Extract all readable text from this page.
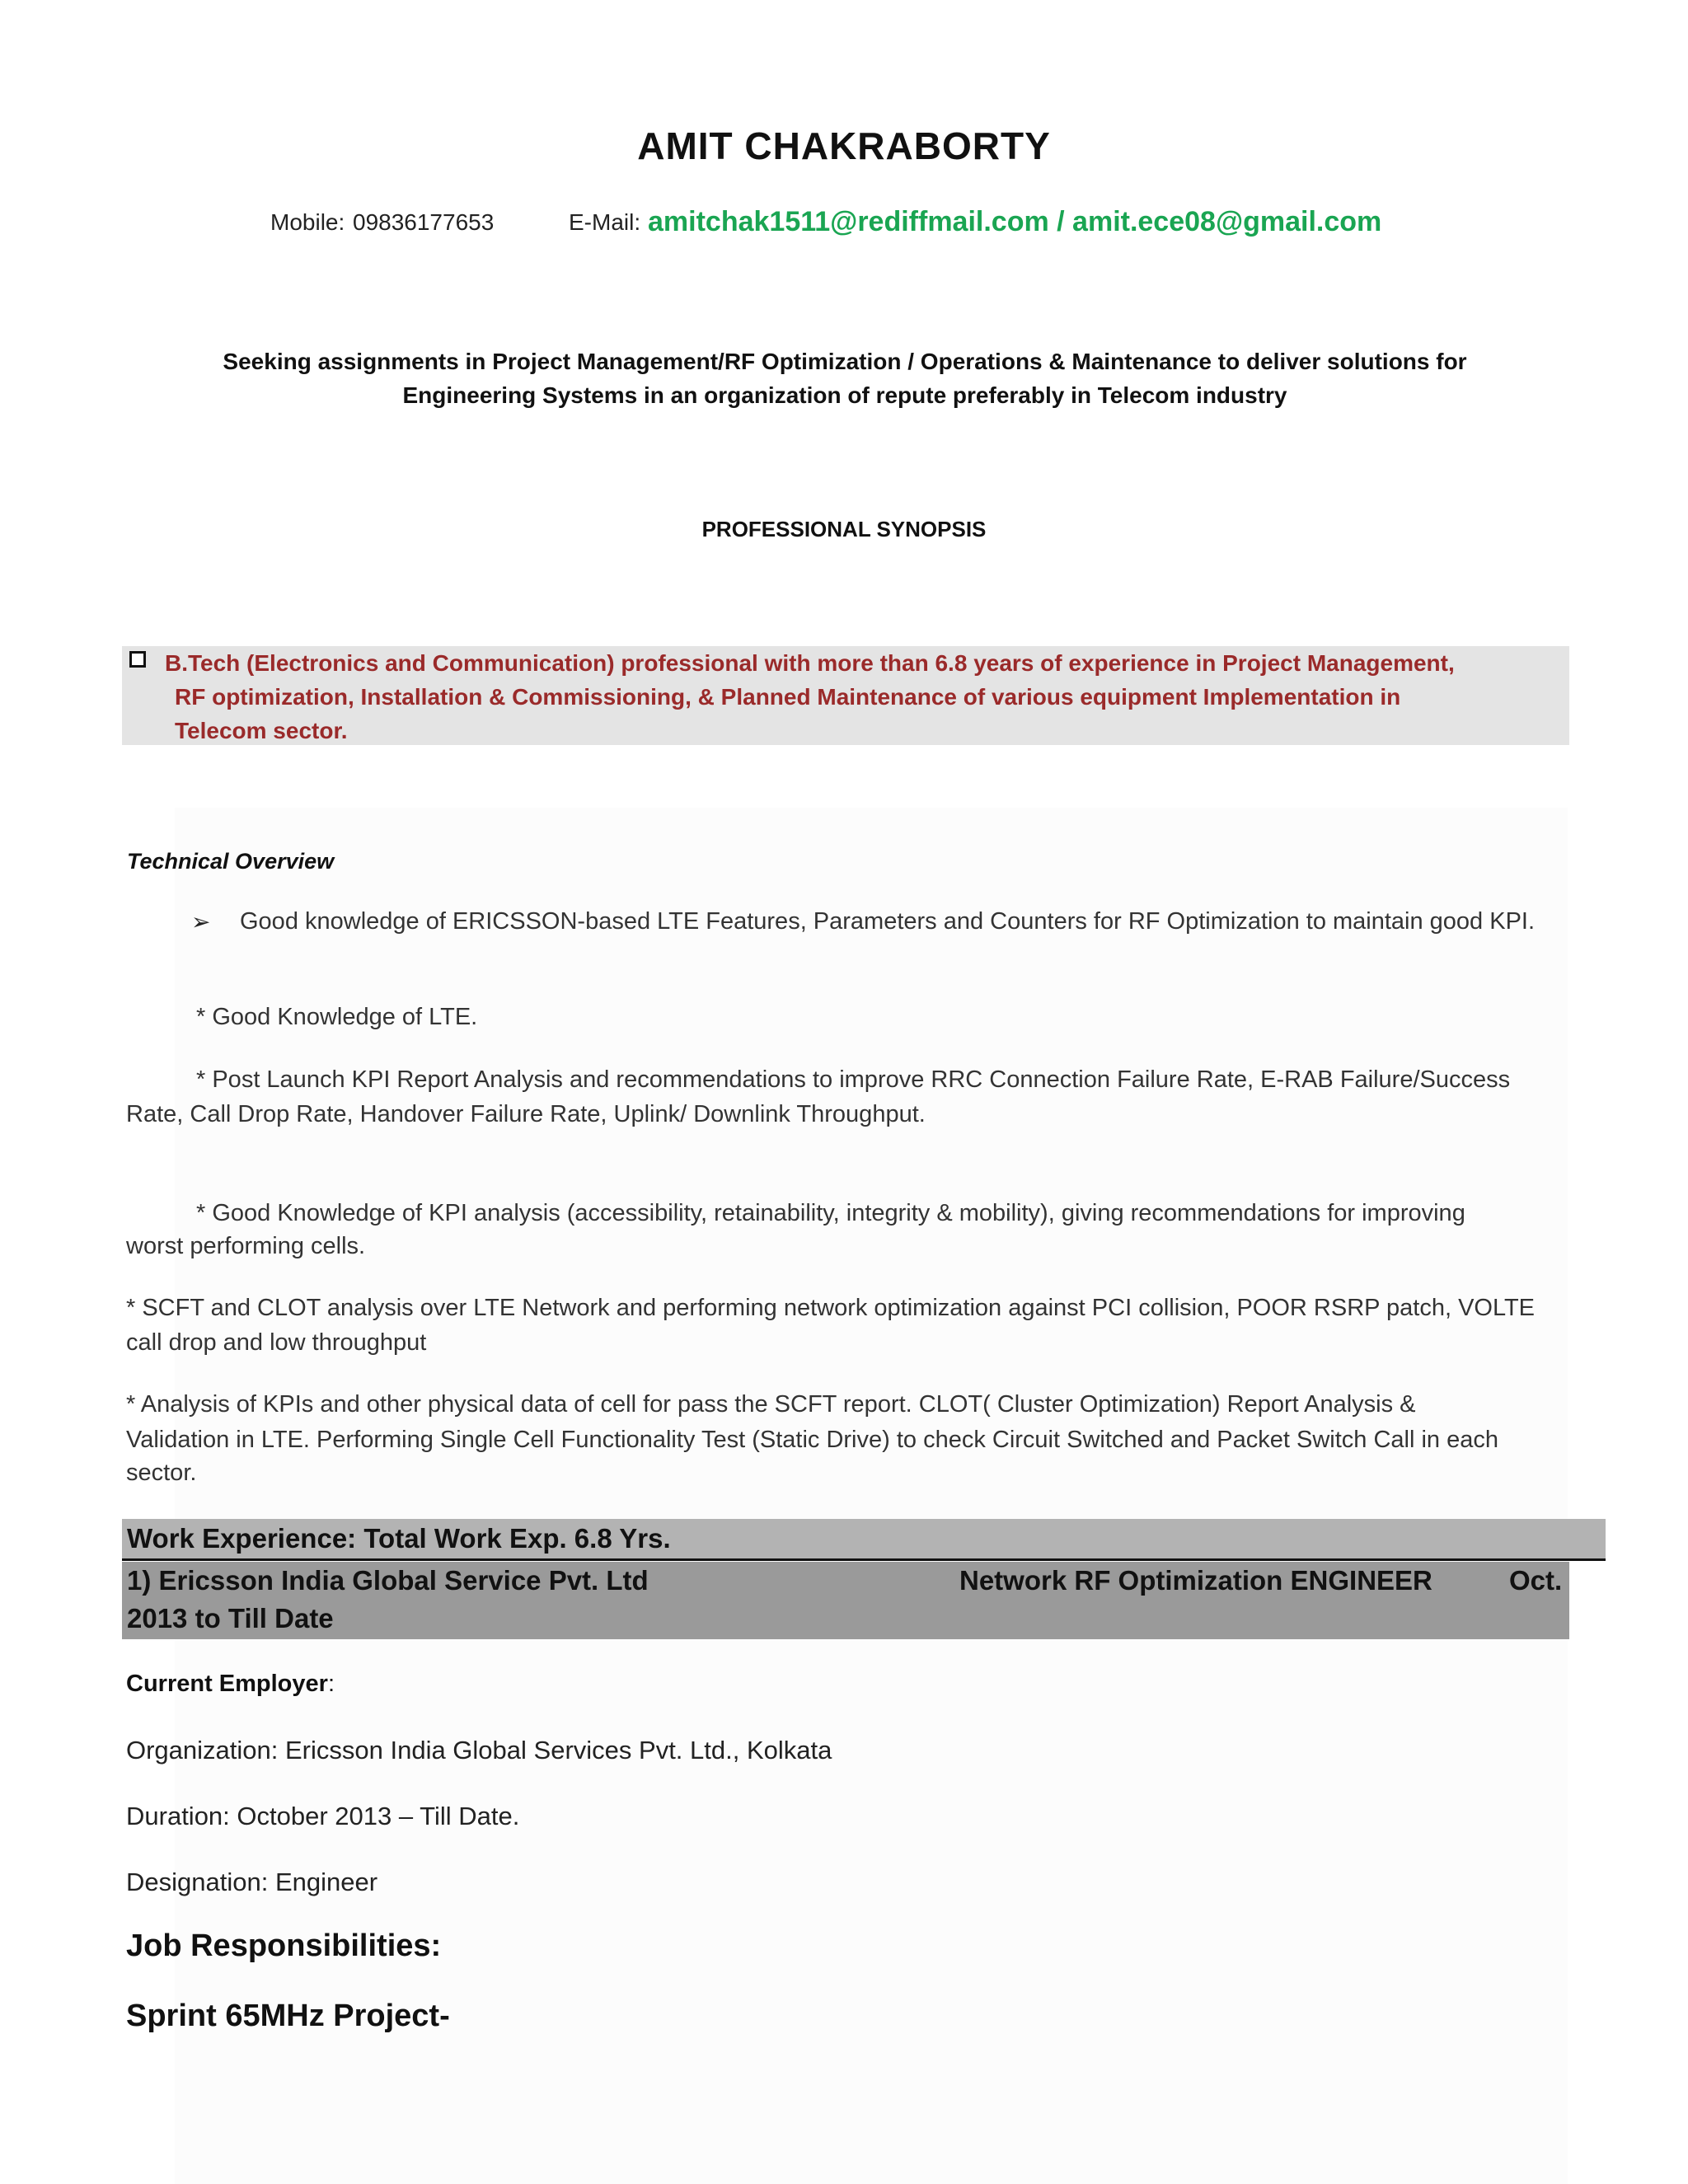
AMIT CHAKRABORTY
Mobile: 09836177653	E-Mail: amitchak1511@rediffmail.com / amit.ece08@gmail.com
Seeking assignments in Project Management/RF Optimization / Operations & Maintenance to deliver solutions for
Engineering Systems in an organization of repute preferably in Telecom industry
PROFESSIONAL SYNOPSIS
B.Tech (Electronics and Communication) professional with more than 6.8 years of experience in Project Management,
RF optimization, Installation & Commissioning, & Planned Maintenance of various equipment Implementation in
Telecom sector.
Technical Overview
➢ Good knowledge of ERICSSON-based LTE Features, Parameters and Counters for RF Optimization to maintain good KPI.
* Good Knowledge of LTE.
* Post Launch KPI Report Analysis and recommendations to improve RRC Connection Failure Rate, E-RAB Failure/Success
Rate, Call Drop Rate, Handover Failure Rate, Uplink/ Downlink Throughput.
* Good Knowledge of KPI analysis (accessibility, retainability, integrity & mobility), giving recommendations for improving
worst performing cells.
* SCFT and CLOT analysis over LTE Network and performing network optimization against PCI collision, POOR RSRP patch, VOLTE
call drop and low throughput
* Analysis of KPIs and other physical data of cell for pass the SCFT report. CLOT( Cluster Optimization) Report Analysis &
Validation in LTE. Performing Single Cell Functionality Test (Static Drive) to check Circuit Switched and Packet Switch Call in each
sector.
Work Experience: Total Work Exp. 6.8 Yrs.
1) Ericsson India Global Service Pvt. Ltd	Network RF Optimization ENGINEER	Oct.
2013 to Till Date
Current Employer:
Organization: Ericsson India Global Services Pvt. Ltd., Kolkata
Duration: October 2013 – Till Date.
Designation: Engineer
Job Responsibilities:
Sprint 65MHz Project-
